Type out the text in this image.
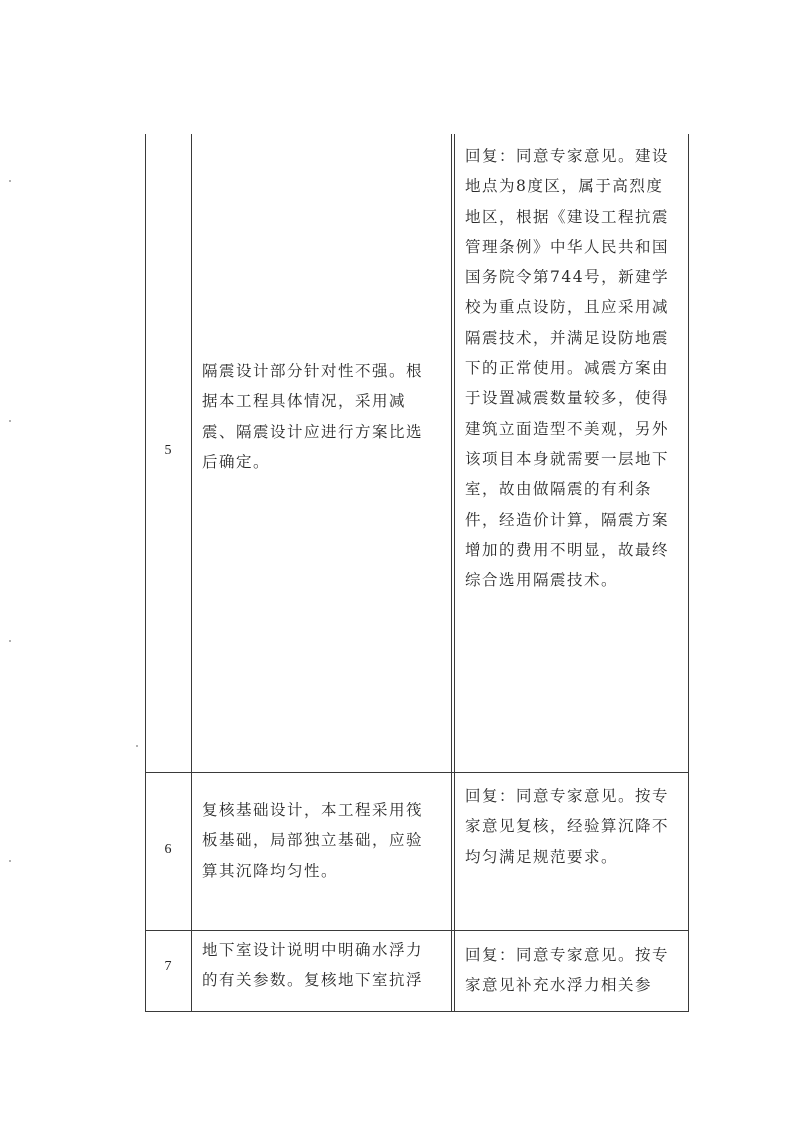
5
隔震设计部分针对性不强。根
据本工程具体情况，采用减
震、隔震设计应进行方案比选
后确定。
回复：同意专家意见。建设
地点为8度区，属于高烈度
地区，根据《建设工程抗震
管理条例》中华人民共和国
国务院令第744号，新建学
校为重点设防，且应采用减
隔震技术，并满足设防地震
下的正常使用。减震方案由
于设置减震数量较多，使得
建筑立面造型不美观，另外
该项目本身就需要一层地下
室，故由做隔震的有利条
件，经造价计算，隔震方案
增加的费用不明显，故最终
综合选用隔震技术。
6
复核基础设计，本工程采用筏
板基础，局部独立基础，应验
算其沉降均匀性。
回复：同意专家意见。按专
家意见复核，经验算沉降不
均匀满足规范要求。
7
地下室设计说明中明确水浮力
的有关参数。复核地下室抗浮
回复：同意专家意见。按专
家意见补充水浮力相关参
